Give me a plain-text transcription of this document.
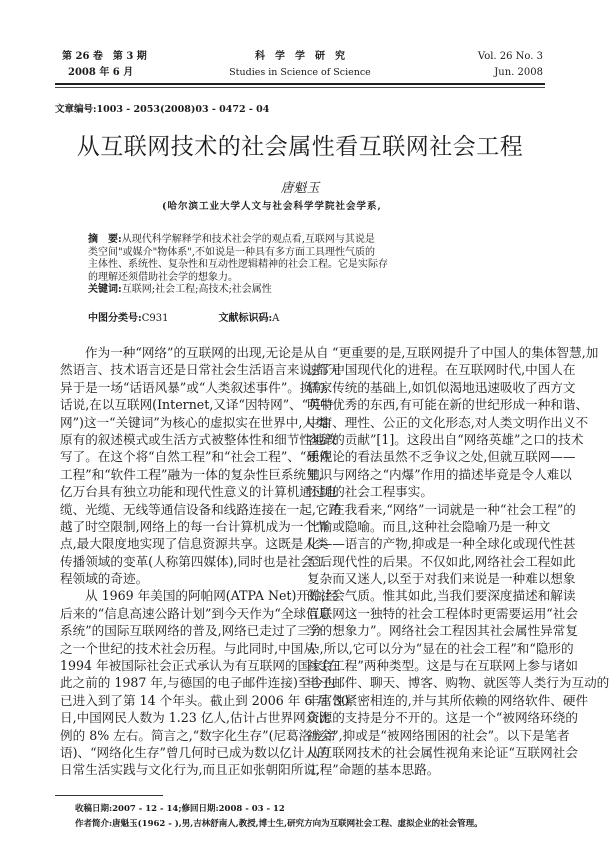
第 26 卷　第 3 期
2008 年 6 月
科　学　学　研　究
Studies in Science of Science
Vol. 26 No. 3
Jun. 2008
文章编号:1003 - 2053(2008)03 - 0472 - 04
从互联网技术的社会属性看互联网社会工程
唐魁玉
(哈尔滨工业大学人文与社会科学学院社会学系,
摘　要:从现代科学解释学和技术社会学的观点看,互联网与其说是
类空间"或媒介"物体系",不如说是一种具有多方面工具理性气质的
主体性、系统性、复杂性和互动性逻辑精神的社会工程。它是实际存
的理解还须借助社会学的想象力。
关键词:互联网;社会工程;高技术;社会属性
中图分类号:C931	文献标识码:A
作为一种“网络”的互联网的出现,无论是从自
然语言、技术语言还是日常社会生活语言来说,都无
异于是一场“话语风暴”或“人类叙述事件”。换句
话说,在以互联网(Internet,又译“因特网”、“英特
网”)这一“关键词”为核心的虚拟实在世界中,人类
原有的叙述模式或生活方式被整体性和细节性地改
写了。在这个将“自然工程”和“社会工程”、“硬件
工程”和“软件工程”融为一体的复杂性巨系统里,
亿万台具有独立功能和现代性意义的计算机通过电
缆、光缆、无线等通信设备和线路连接在一起,它跨
越了时空限制,网络上的每一台计算机成为一个节
点,最大限度地实现了信息资源共享。这既是人类
传播领域的变革(人称第四媒体),同时也是社会工
程领域的奇迹。
从 1969 年美国的阿帕网(ATPA Net)开始,经
后来的“信息高速公路计划”到今天作为“全球信息
系统”的国际互联网络的普及,网络已走过了三分
之一个世纪的技术社会历程。与此同时,中国从
1994 年被国际社会正式承认为有互联网的国家(在
此之前的 1987 年,与德国的电子邮件连接)至今也
已进入到了第 14 个年头。截止到 2006 年 6 月 30
日,中国网民人数为 1.23 亿人,估计占世界网众比
例的 8% 左右。简言之,“数字化生存”(尼葛洛庞帝
语)、“网络化生存”曾几何时已成为数以亿计人的
日常生活实践与文化行为,而且正如张朝阳所说,
“更重要的是,互联网提升了中国人的集体智慧,加
速了中国现代化的进程。在互联网时代,中国人在
儒家传统的基础上,如饥似渴地迅速吸收了西方文
明中优秀的东西,有可能在新的世纪形成一种和谐、
中庸、理性、公正的文化形态,对人类文明作出义不
容辞的贡献”[1]。这段出自“网络英雄”之口的技术
乐观论的看法虽然不乏争议之处,但就互联网——
知识与网络之“内爆”作用的描述毕竟是令人难以
怀疑的社会工程事实。
在我看来,“网络”一词就是一种“社会工程”的
比喻或隐喻。而且,这种社会隐喻乃是一种文
化——语言的产物,抑或是一种全球化或现代性甚
至后现代性的后果。不仅如此,网络社会工程如此
复杂而又迷人,以至于对我们来说是一种难以想象
的社会气质。惟其如此,当我们要深度描述和解读
互联网这一独特的社会工程体时更需要运用“社会
学的想象力”。网络社会工程因其社会属性异常复
杂,所以,它可以分为“显在的社会工程”和“隐形的
社会工程”两种类型。这是与在互联网上参与诸如
电子邮件、聊天、博客、购物、就医等人类行为互动的
丰富性紧密相连的,并与其所依赖的网络软件、硬件
资源的支持是分不开的。这是一个“被网络环绕的
社会”,抑或是“被网络围困的社会”。以下是笔者
从互联网技术的社会属性视角来论证“互联网社会
工程”命题的基本思路。
收稿日期:2007 - 12 - 14;修回日期:2008 - 03 - 12
作者简介:唐魁玉(1962 - ),男,吉林舒南人,教授,博士生,研究方向为互联网社会工程、虚拟企业的社会管理。
